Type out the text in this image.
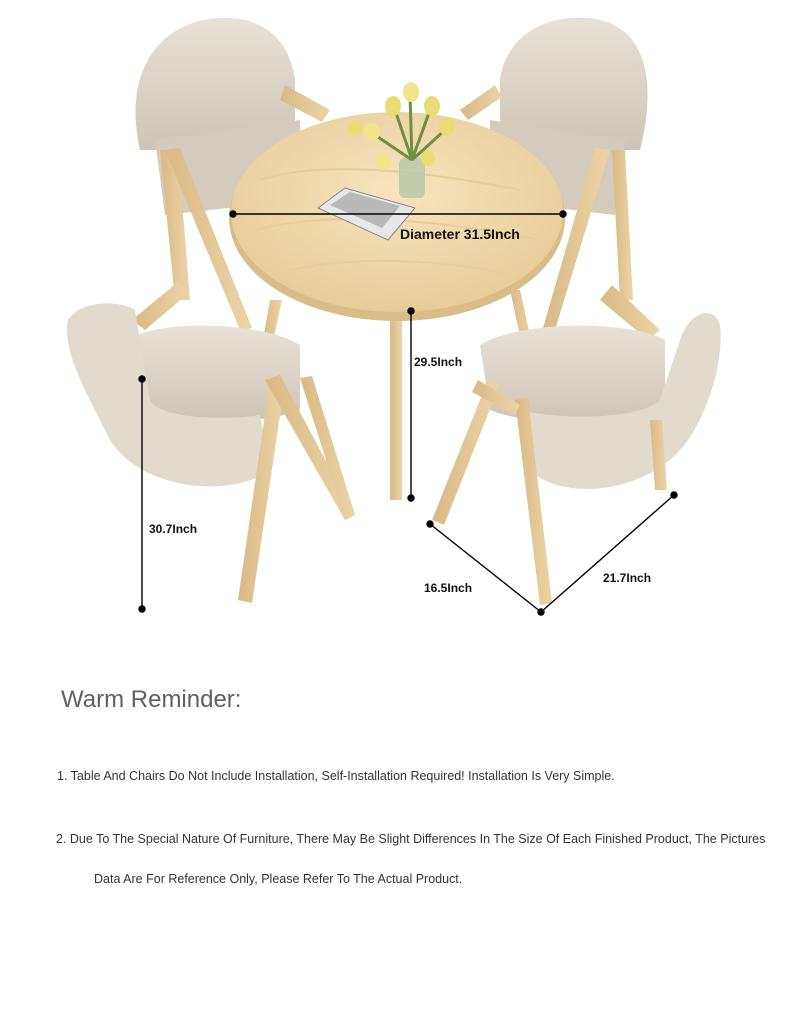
Diameter 31.5Inch
29.5Inch
30.7Inch
16.5Inch
21.7Inch
Warm Reminder:
1. Table And Chairs Do Not Include Installation, Self-Installation Required! Installation Is Very Simple.
2. Due To The Special Nature Of Furniture, There May Be Slight Differences In The Size Of Each Finished Product, The Pictures
Data Are For Reference Only, Please Refer To The Actual Product.
